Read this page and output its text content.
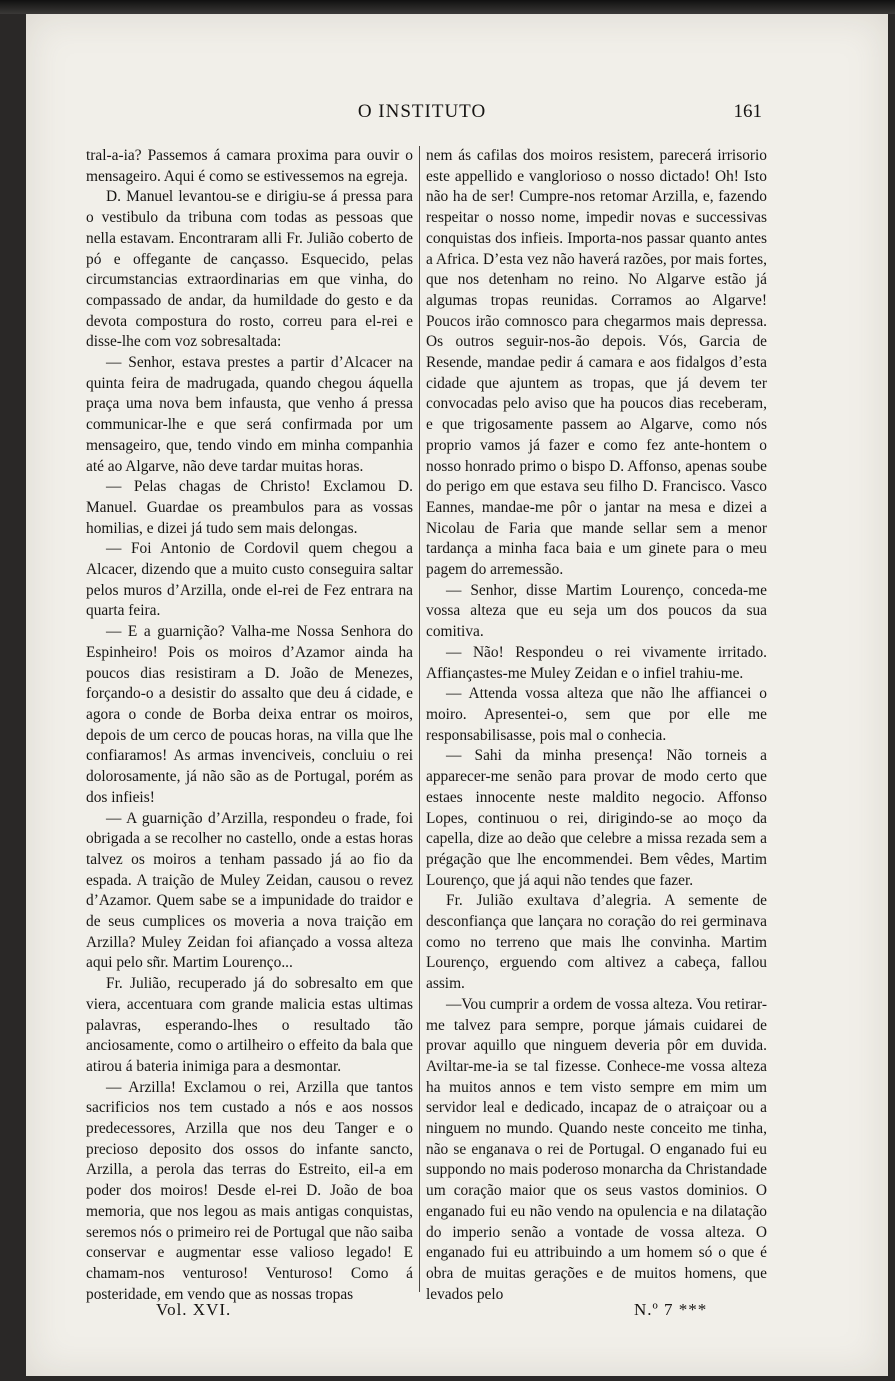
O INSTITUTO	161

tral-a-ia? Passemos á camara proxima para ouvir o mensageiro. Aqui é como se estivessemos na egreja.

D. Manuel levantou-se e dirigiu-se á pressa para o vestibulo da tribuna com todas as pessoas que nella estavam. Encontraram alli Fr. Julião coberto de pó e offegante de cançasso. Esquecido, pelas circumstancias extraordinarias em que vinha, do compassado de andar, da humildade do gesto e da devota compostura do rosto, correu para el-rei e disse-lhe com voz sobresaltada:

— Senhor, estava prestes a partir d’Alcacer na quinta feira de madrugada, quando chegou áquella praça uma nova bem infausta, que venho á pressa communicar-lhe e que será confirmada por um mensageiro, que, tendo vindo em minha companhia até ao Algarve, não deve tardar muitas horas.

— Pelas chagas de Christo! Exclamou D. Manuel. Guardae os preambulos para as vossas homilias, e dizei já tudo sem mais delongas.

— Foi Antonio de Cordovil quem chegou a Alcacer, dizendo que a muito custo conseguira saltar pelos muros d’Arzilla, onde el-rei de Fez entrara na quarta feira.

— E a guarnição? Valha-me Nossa Senhora do Espinheiro! Pois os moiros d’Azamor ainda ha poucos dias resistiram a D. João de Menezes, forçando-o a desistir do assalto que deu á cidade, e agora o conde de Borba deixa entrar os moiros, depois de um cerco de poucas horas, na villa que lhe confiaramos! As armas invenciveis, concluiu o rei dolorosamente, já não são as de Portugal, porém as dos infieis!

— A guarnição d’Arzilla, respondeu o frade, foi obrigada a se recolher no castello, onde a estas horas talvez os moiros a tenham passado já ao fio da espada. A traição de Muley Zeidan, causou o revez d’Azamor. Quem sabe se a impunidade do traidor e de seus cumplices os moveria a nova traição em Arzilla? Muley Zeidan foi afiançado a vossa alteza aqui pelo sñr. Martim Lourenço...

Fr. Julião, recuperado já do sobresalto em que viera, accentuara com grande malicia estas ultimas palavras, esperando-lhes o resultado tão anciosamente, como o artilheiro o effeito da bala que atirou á bateria inimiga para a desmontar.

— Arzilla! Exclamou o rei, Arzilla que tantos sacrificios nos tem custado a nós e aos nossos predecessores, Arzilla que nos deu Tanger e o precioso deposito dos ossos do infante sancto, Arzilla, a perola das terras do Estreito, eil-a em poder dos moiros! Desde el-rei D. João de boa memoria, que nos legou as mais antigas conquistas, seremos nós o primeiro rei de Portugal que não saiba conservar e augmentar esse valioso legado! E chamam-nos venturoso! Venturoso! Como á posteridade, em vendo que as nossas tropas

nem ás cafilas dos moiros resistem, parecerá irrisorio este appellido e vanglorioso o nosso dictado! Oh! Isto não ha de ser! Cumpre-nos retomar Arzilla, e, fazendo respeitar o nosso nome, impedir novas e successivas conquistas dos infieis. Importa-nos passar quanto antes a Africa. D’esta vez não haverá razões, por mais fortes, que nos detenham no reino. No Algarve estão já algumas tropas reunidas. Corramos ao Algarve! Poucos irão comnosco para chegarmos mais depressa. Os outros seguir-nos-ão depois. Vós, Garcia de Resende, mandae pedir á camara e aos fidalgos d’esta cidade que ajuntem as tropas, que já devem ter convocadas pelo aviso que ha poucos dias receberam, e que trigosamente passem ao Algarve, como nós proprio vamos já fazer e como fez ante-hontem o nosso honrado primo o bispo D. Affonso, apenas soube do perigo em que estava seu filho D. Francisco. Vasco Eannes, mandae-me pôr o jantar na mesa e dizei a Nicolau de Faria que mande sellar sem a menor tardança a minha faca baia e um ginete para o meu pagem do arremessão.

— Senhor, disse Martim Lourenço, conceda-me vossa alteza que eu seja um dos poucos da sua comitiva.

— Não! Respondeu o rei vivamente irritado. Affiançastes-me Muley Zeidan e o infiel trahiu-me.

— Attenda vossa alteza que não lhe affiancei o moiro. Apresentei-o, sem que por elle me responsabilisasse, pois mal o conhecia.

— Sahi da minha presença! Não torneis a apparecer-me senão para provar de modo certo que estaes innocente neste maldito negocio. Affonso Lopes, continuou o rei, dirigindo-se ao moço da capella, dize ao deão que celebre a missa rezada sem a prégação que lhe encommendei. Bem vêdes, Martim Lourenço, que já aqui não tendes que fazer.

Fr. Julião exultava d’alegria. A semente de desconfiança que lançara no coração do rei germinava como no terreno que mais lhe convinha. Martim Lourenço, erguendo com altivez a cabeça, fallou assim.

—Vou cumprir a ordem de vossa alteza. Vou retirar-me talvez para sempre, porque jámais cuidarei de provar aquillo que ninguem deveria pôr em duvida. Aviltar-me-ia se tal fizesse. Conhece-me vossa alteza ha muitos annos e tem visto sempre em mim um servidor leal e dedicado, incapaz de o atraiçoar ou a ninguem no mundo. Quando neste conceito me tinha, não se enganava o rei de Portugal. O enganado fui eu suppondo no mais poderoso monarcha da Christandade um coração maior que os seus vastos dominios. O enganado fui eu não vendo na opulencia e na dilatação do imperio senão a vontade de vossa alteza. O enganado fui eu attribuindo a um homem só o que é obra de muitas gerações e de muitos homens, que levados pelo

Vol. XVI.	N.º 7 ***
